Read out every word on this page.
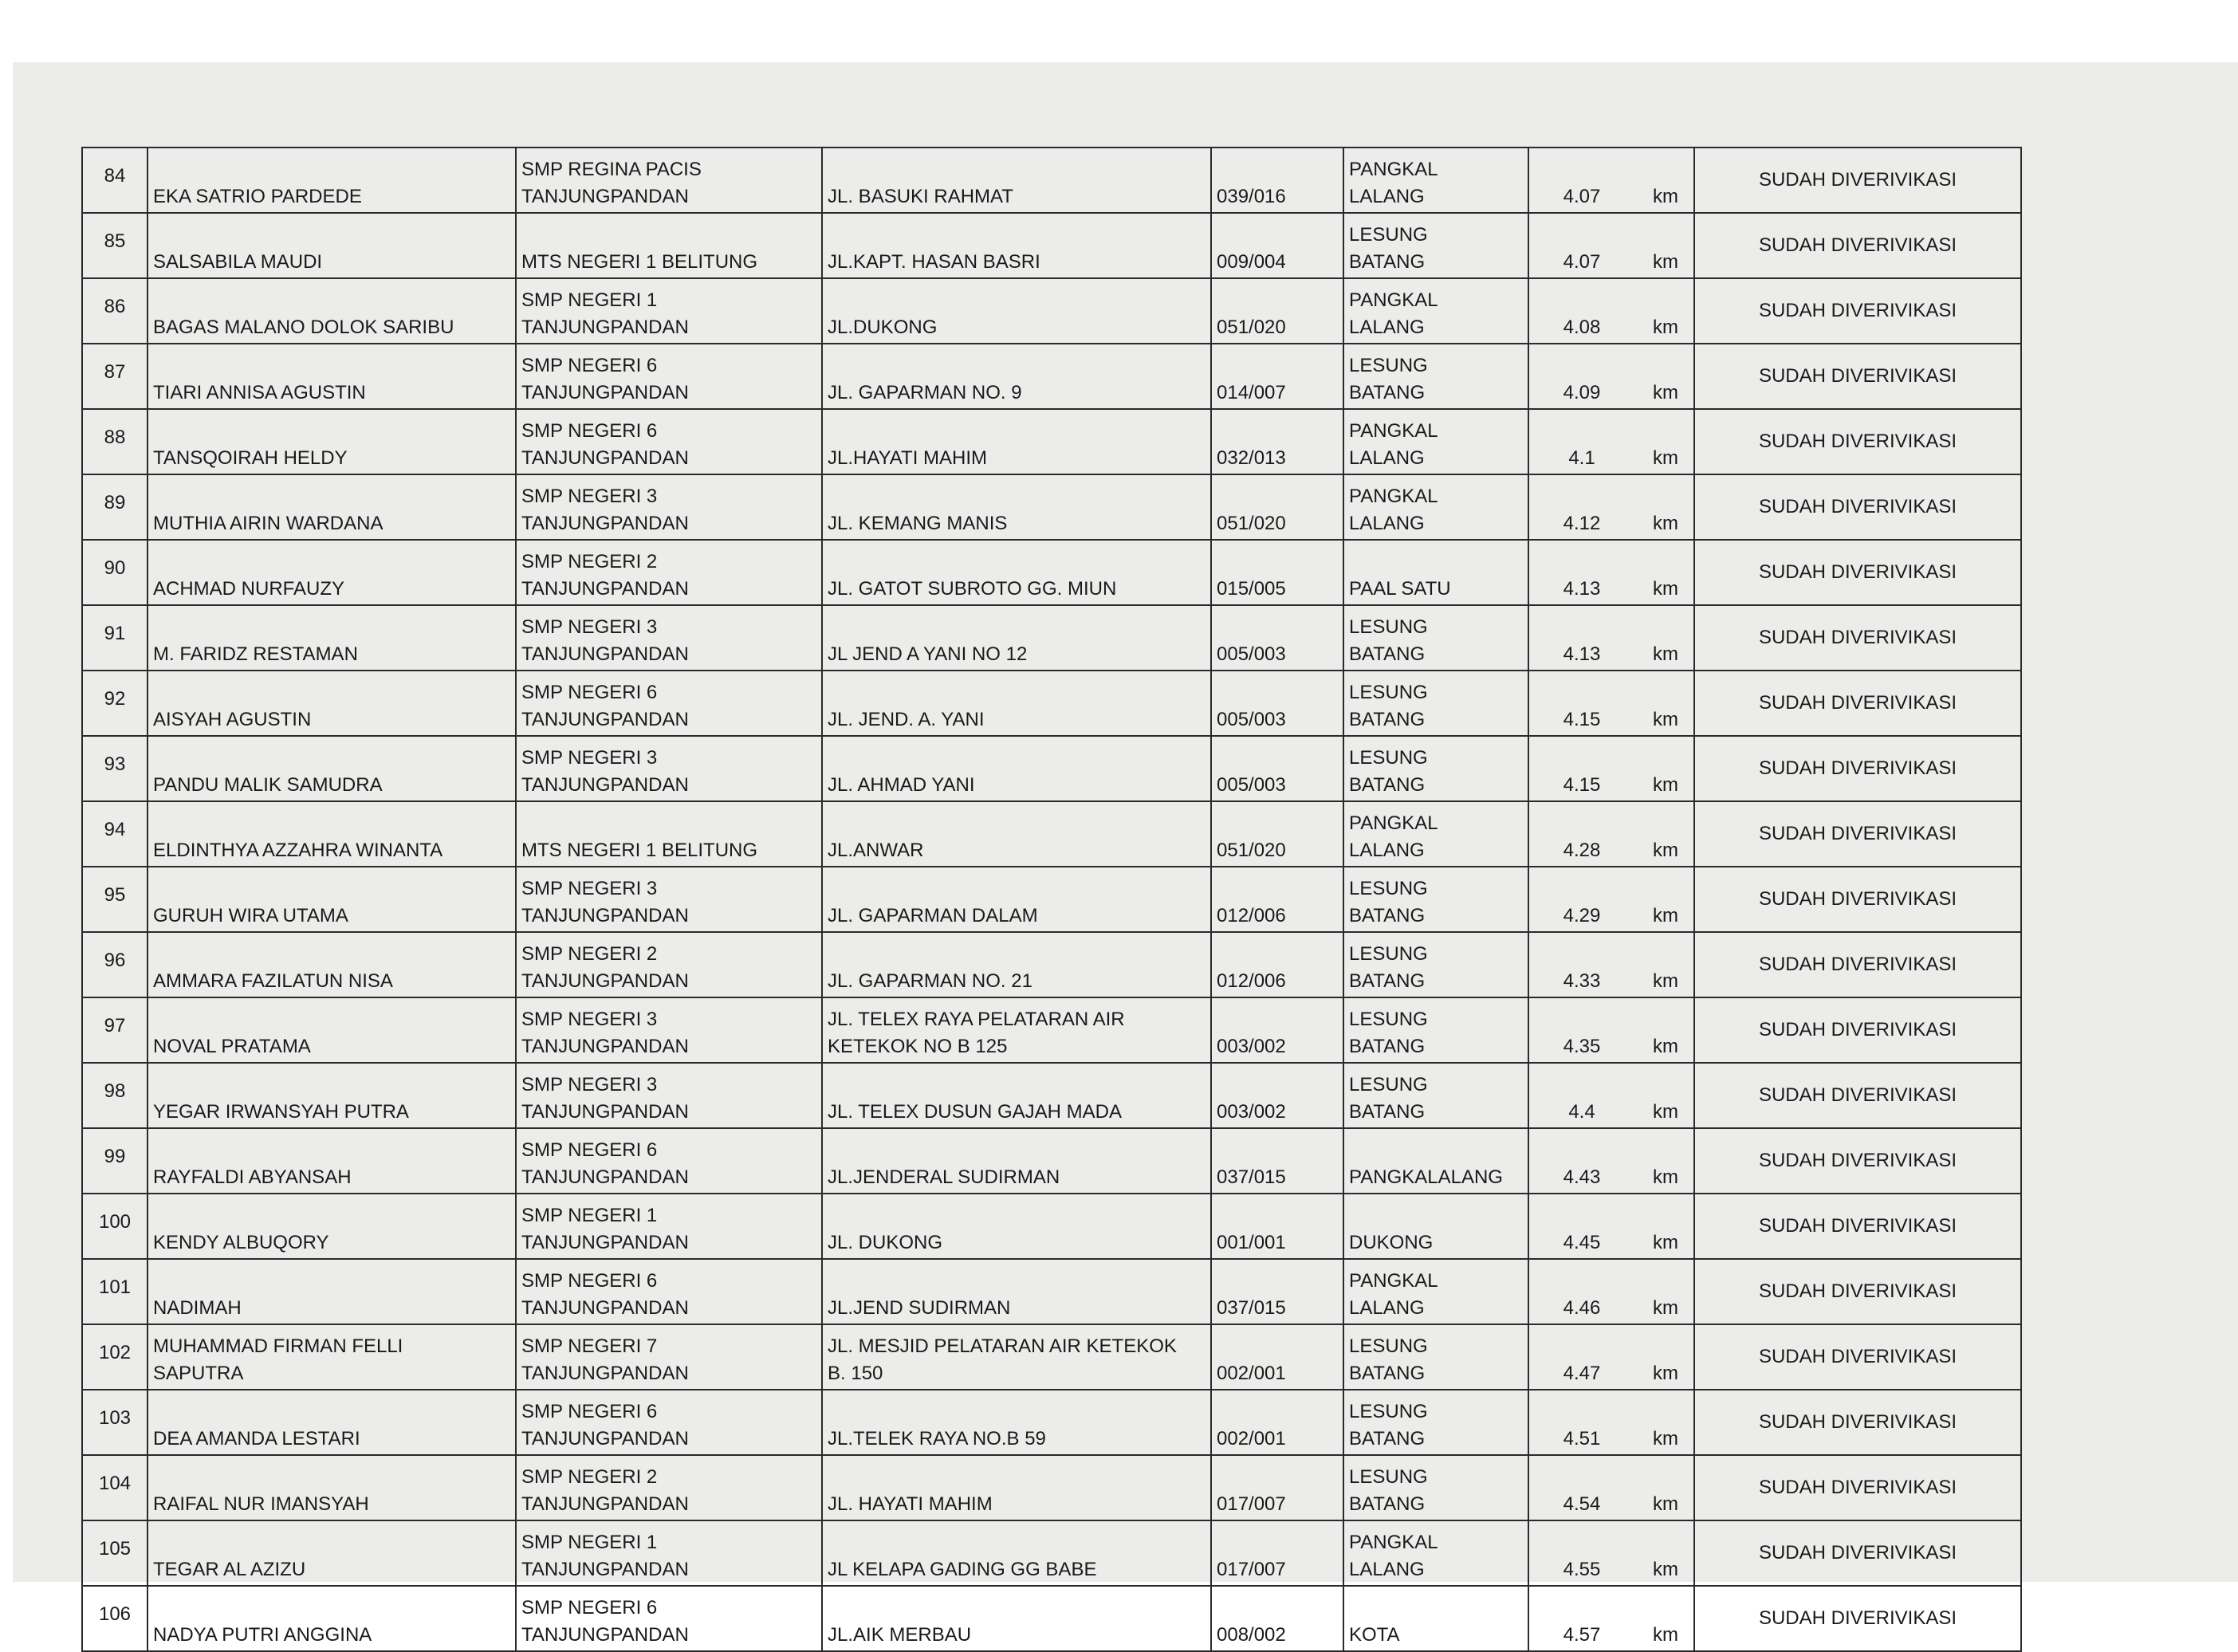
84	EKA SATRIO PARDEDE	SMP REGINA PACIS
TANJUNGPANDAN	JL. BASUKI RAHMAT	039/016	PANGKAL
LALANG	4.07 km	SUDAH DIVERIVIKASI
85	SALSABILA MAUDI	MTS NEGERI 1 BELITUNG	JL.KAPT. HASAN BASRI	009/004	LESUNG
BATANG	4.07 km	SUDAH DIVERIVIKASI
86	BAGAS MALANO DOLOK SARIBU	SMP NEGERI 1
TANJUNGPANDAN	JL.DUKONG	051/020	PANGKAL
LALANG	4.08 km	SUDAH DIVERIVIKASI
87	TIARI ANNISA AGUSTIN	SMP NEGERI 6
TANJUNGPANDAN	JL. GAPARMAN NO. 9	014/007	LESUNG
BATANG	4.09 km	SUDAH DIVERIVIKASI
88	TANSQOIRAH HELDY	SMP NEGERI 6
TANJUNGPANDAN	JL.HAYATI MAHIM	032/013	PANGKAL
LALANG	4.1 km	SUDAH DIVERIVIKASI
89	MUTHIA AIRIN WARDANA	SMP NEGERI 3
TANJUNGPANDAN	JL. KEMANG MANIS	051/020	PANGKAL
LALANG	4.12 km	SUDAH DIVERIVIKASI
90	ACHMAD NURFAUZY	SMP NEGERI 2
TANJUNGPANDAN	JL. GATOT SUBROTO GG. MIUN	015/005	PAAL SATU	4.13 km	SUDAH DIVERIVIKASI
91	M. FARIDZ RESTAMAN	SMP NEGERI 3
TANJUNGPANDAN	JL JEND A YANI NO 12	005/003	LESUNG
BATANG	4.13 km	SUDAH DIVERIVIKASI
92	AISYAH AGUSTIN	SMP NEGERI 6
TANJUNGPANDAN	JL. JEND. A. YANI	005/003	LESUNG
BATANG	4.15 km	SUDAH DIVERIVIKASI
93	PANDU MALIK SAMUDRA	SMP NEGERI 3
TANJUNGPANDAN	JL. AHMAD YANI	005/003	LESUNG
BATANG	4.15 km	SUDAH DIVERIVIKASI
94	ELDINTHYA AZZAHRA WINANTA	MTS NEGERI 1 BELITUNG	JL.ANWAR	051/020	PANGKAL
LALANG	4.28 km	SUDAH DIVERIVIKASI
95	GURUH WIRA UTAMA	SMP NEGERI 3
TANJUNGPANDAN	JL. GAPARMAN DALAM	012/006	LESUNG
BATANG	4.29 km	SUDAH DIVERIVIKASI
96	AMMARA FAZILATUN NISA	SMP NEGERI 2
TANJUNGPANDAN	JL. GAPARMAN NO. 21	012/006	LESUNG
BATANG	4.33 km	SUDAH DIVERIVIKASI
97	NOVAL PRATAMA	SMP NEGERI 3
TANJUNGPANDAN	JL. TELEX RAYA PELATARAN AIR
KETEKOK NO B 125	003/002	LESUNG
BATANG	4.35 km	SUDAH DIVERIVIKASI
98	YEGAR IRWANSYAH PUTRA	SMP NEGERI 3
TANJUNGPANDAN	JL. TELEX DUSUN GAJAH MADA	003/002	LESUNG
BATANG	4.4 km	SUDAH DIVERIVIKASI
99	RAYFALDI ABYANSAH	SMP NEGERI 6
TANJUNGPANDAN	JL.JENDERAL SUDIRMAN	037/015	PANGKALALANG	4.43 km	SUDAH DIVERIVIKASI
100	KENDY ALBUQORY	SMP NEGERI 1
TANJUNGPANDAN	JL. DUKONG	001/001	DUKONG	4.45 km	SUDAH DIVERIVIKASI
101	NADIMAH	SMP NEGERI 6
TANJUNGPANDAN	JL.JEND SUDIRMAN	037/015	PANGKAL
LALANG	4.46 km	SUDAH DIVERIVIKASI
102	MUHAMMAD FIRMAN FELLI
SAPUTRA	SMP NEGERI 7
TANJUNGPANDAN	JL. MESJID PELATARAN AIR KETEKOK
B. 150	002/001	LESUNG
BATANG	4.47 km	SUDAH DIVERIVIKASI
103	DEA AMANDA LESTARI	SMP NEGERI 6
TANJUNGPANDAN	JL.TELEK RAYA NO.B 59	002/001	LESUNG
BATANG	4.51 km	SUDAH DIVERIVIKASI
104	RAIFAL NUR IMANSYAH	SMP NEGERI 2
TANJUNGPANDAN	JL. HAYATI MAHIM	017/007	LESUNG
BATANG	4.54 km	SUDAH DIVERIVIKASI
105	TEGAR AL AZIZU	SMP NEGERI 1
TANJUNGPANDAN	JL KELAPA GADING GG BABE	017/007	PANGKAL
LALANG	4.55 km	SUDAH DIVERIVIKASI
106	NADYA PUTRI ANGGINA	SMP NEGERI 6
TANJUNGPANDAN	JL.AIK MERBAU	008/002	KOTA	4.57 km	SUDAH DIVERIVIKASI
